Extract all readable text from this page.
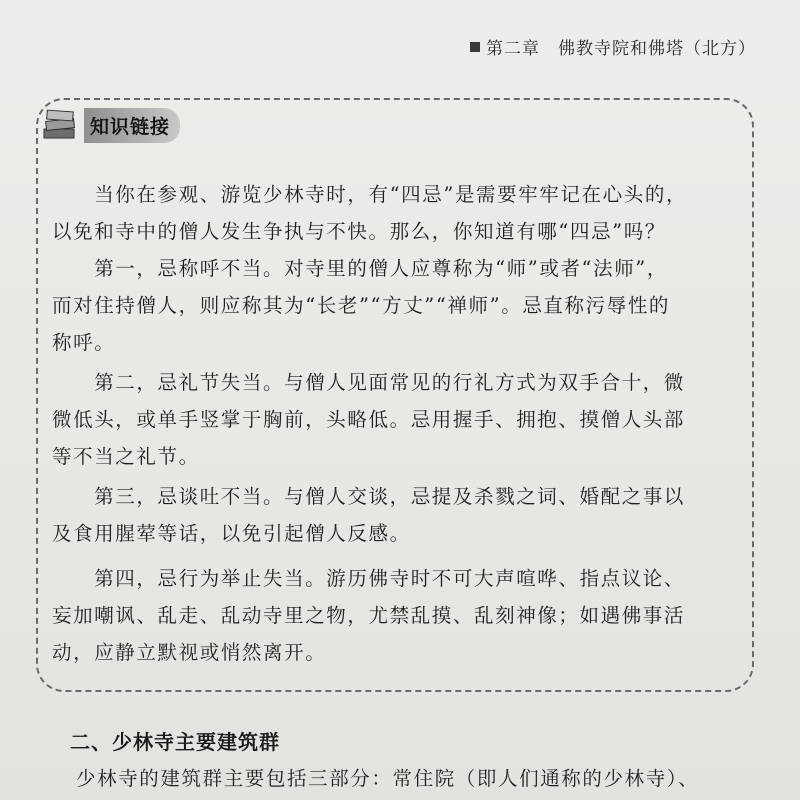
第二章　佛教寺院和佛塔（北方）
知识链接
　　当你在参观、游览少林寺时，有“四忌”是需要牢牢记在心头的，
以免和寺中的僧人发生争执与不快。那么，你知道有哪“四忌”吗？
　　第一，忌称呼不当。对寺里的僧人应尊称为“师”或者“法师”，
而对住持僧人，则应称其为“长老”“方丈”“禅师”。忌直称污辱性的
称呼。
　　第二，忌礼节失当。与僧人见面常见的行礼方式为双手合十，微
微低头，或单手竖掌于胸前，头略低。忌用握手、拥抱、摸僧人头部
等不当之礼节。
　　第三，忌谈吐不当。与僧人交谈，忌提及杀戮之词、婚配之事以
及食用腥荤等话，以免引起僧人反感。
　　第四，忌行为举止失当。游历佛寺时不可大声喧哗、指点议论、
妄加嘲讽、乱走、乱动寺里之物，尤禁乱摸、乱刻神像；如遇佛事活
动，应静立默视或悄然离开。
二、少林寺主要建筑群
少林寺的建筑群主要包括三部分：常住院（即人们通称的少林寺）、
